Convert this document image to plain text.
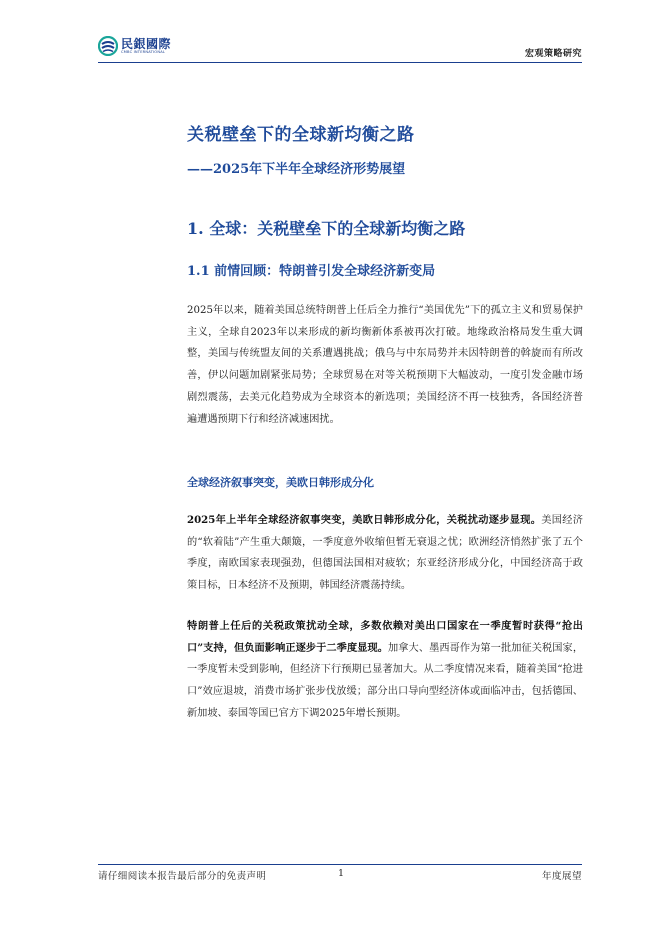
民銀國際
CMBC INTERNATIONAL	宏观策略研究
关税壁垒下的全球新均衡之路
——2025年下半年全球经济形势展望
1. 全球：关税壁垒下的全球新均衡之路
1.1 前情回顾：特朗普引发全球经济新变局

2025年以来，随着美国总统特朗普上任后全力推行“美国优先”下的孤立主义和贸易保护主义，全球自2023年以来形成的新均衡新体系被再次打破。地缘政治格局发生重大调整，美国与传统盟友间的关系遭遇挑战；俄乌与中东局势并未因特朗普的斡旋而有所改善，伊以问题加剧紧张局势；全球贸易在对等关税预期下大幅波动，一度引发金融市场剧烈震荡，去美元化趋势成为全球资本的新选项；美国经济不再一枝独秀，各国经济普遍遭遇预期下行和经济减速困扰。

全球经济叙事突变，美欧日韩形成分化

2025年上半年全球经济叙事突变，美欧日韩形成分化，关税扰动逐步显现。美国经济的“软着陆”产生重大颠簸，一季度意外收缩但暂无衰退之忧；欧洲经济悄然扩张了五个季度，南欧国家表现强劲，但德国法国相对疲软；东亚经济形成分化，中国经济高于政策目标，日本经济不及预期，韩国经济震荡持续。

特朗普上任后的关税政策扰动全球，多数依赖对美出口国家在一季度暂时获得“抢出口”支持，但负面影响正逐步于二季度显现。加拿大、墨西哥作为第一批加征关税国家，一季度暂未受到影响，但经济下行预期已显著加大。从二季度情况来看，随着美国“抢进口”效应退坡，消费市场扩张步伐放缓；部分出口导向型经济体或面临冲击，包括德国、新加坡、泰国等国已官方下调2025年增长预期。

请仔细阅读本报告最后部分的免责声明	1	年度展望
